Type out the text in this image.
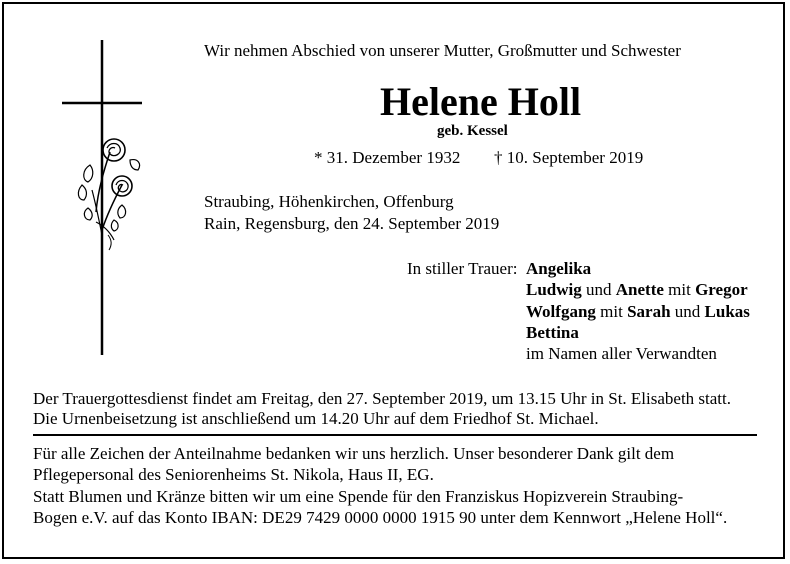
Wir nehmen Abschied von unserer Mutter, Großmutter und Schwester
Helene Holl
geb. Kessel
* 31. Dezember 1932 † 10. September 2019
Straubing, Höhenkirchen, Offenburg
Rain, Regensburg, den 24. September 2019
In stiller Trauer: Angelika
Ludwig und Anette mit Gregor
Wolfgang mit Sarah und Lukas
Bettina
im Namen aller Verwandten
Der Trauergottesdienst findet am Freitag, den 27. September 2019, um 13.15 Uhr in St. Elisabeth statt.
Die Urnenbeisetzung ist anschließend um 14.20 Uhr auf dem Friedhof St. Michael.
Für alle Zeichen der Anteilnahme bedanken wir uns herzlich. Unser besonderer Dank gilt dem
Pflegepersonal des Seniorenheims St. Nikola, Haus II, EG.
Statt Blumen und Kränze bitten wir um eine Spende für den Franziskus Hopizverein Straubing-
Bogen e.V. auf das Konto IBAN: DE29 7429 0000 0000 1915 90 unter dem Kennwort „Helene Holl“.
